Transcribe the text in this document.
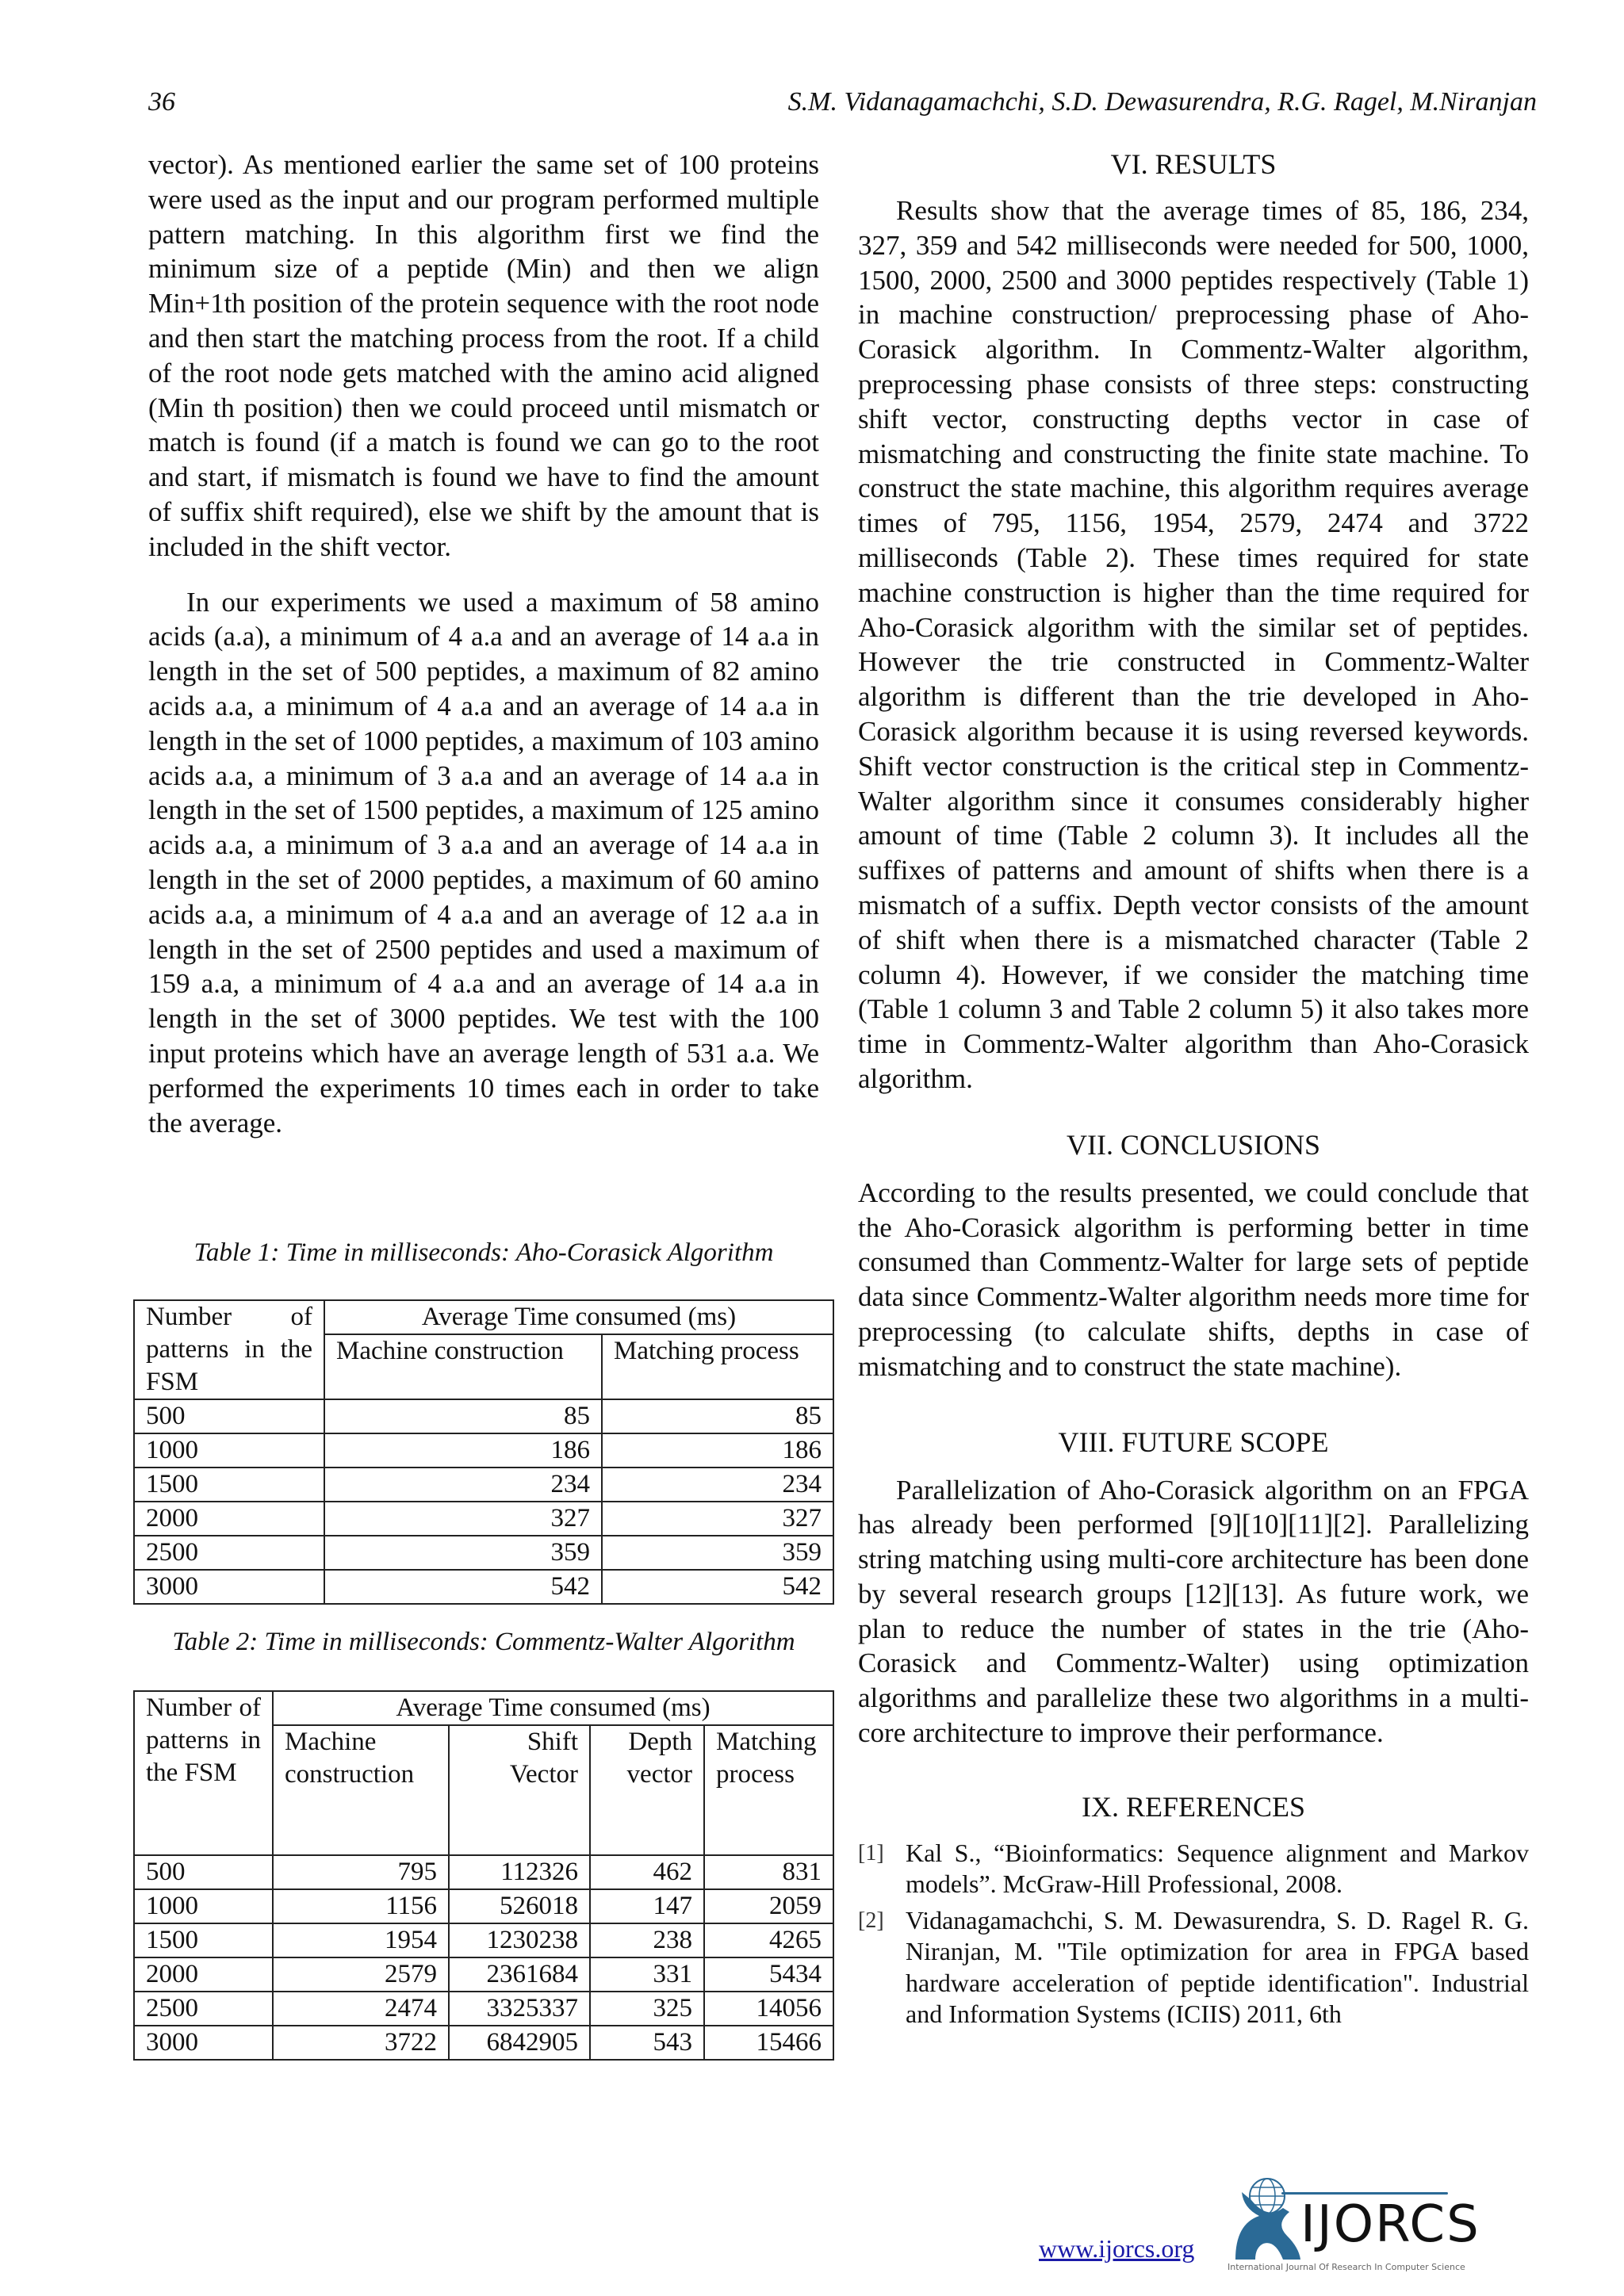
36	S.M. Vidanagamachchi, S.D. Dewasurendra, R.G. Ragel, M.Niranjan

vector). As mentioned earlier the same set of 100 proteins were used as the input and our program performed multiple pattern matching. In this algorithm first we find the minimum size of a peptide (Min) and then we align Min+1th position of the protein sequence with the root node and then start the matching process from the root. If a child of the root node gets matched with the amino acid aligned (Min th position) then we could proceed until mismatch or match is found (if a match is found we can go to the root and start, if mismatch is found we have to find the amount of suffix shift required), else we shift by the amount that is included in the shift vector.

In our experiments we used a maximum of 58 amino acids (a.a), a minimum of 4 a.a and an average of 14 a.a in length in the set of 500 peptides, a maximum of 82 amino acids a.a, a minimum of 4 a.a and an average of 14 a.a in length in the set of 1000 peptides, a maximum of 103 amino acids a.a, a minimum of 3 a.a and an average of 14 a.a in length in the set of 1500 peptides, a maximum of 125 amino acids a.a, a minimum of 3 a.a and an average of 14 a.a in length in the set of 2000 peptides, a maximum of 60 amino acids a.a, a minimum of 4 a.a and an average of 12 a.a in length in the set of 2500 peptides and used a maximum of 159 a.a, a minimum of 4 a.a and an average of 14 a.a in length in the set of 3000 peptides. We test with the 100 input proteins which have an average length of 531 a.a. We performed the experiments 10 times each in order to take the average.

Table 1: Time in milliseconds: Aho-Corasick Algorithm
Number of patterns in the FSM	Average Time consumed (ms)	
	Machine construction	Matching process
500	85	85
1000	186	186
1500	234	234
2000	327	327
2500	359	359
3000	542	542
Table 2: Time in milliseconds: Commentz-Walter Algorithm
Number of patterns in the FSM	Average Time consumed (ms)			
	Machine construction	Shift Vector	Depth vector	Matching process
500	795	112326	462	831
1000	1156	526018	147	2059
1500	1954	1230238	238	4265
2000	2579	2361684	331	5434
2500	2474	3325337	325	14056
3000	3722	6842905	543	15466
VI. RESULTS

Results show that the average times of 85, 186, 234, 327, 359 and 542 milliseconds were needed for 500, 1000, 1500, 2000, 2500 and 3000 peptides respectively (Table 1) in machine construction/ preprocessing phase of Aho-Corasick algorithm. In Commentz-Walter algorithm, preprocessing phase consists of three steps: constructing shift vector, constructing depths vector in case of mismatching and constructing the finite state machine. To construct the state machine, this algorithm requires average times of 795, 1156, 1954, 2579, 2474 and 3722 milliseconds (Table 2). These times required for state machine construction is higher than the time required for Aho-Corasick algorithm with the similar set of peptides. However the trie constructed in Commentz-Walter algorithm is different than the trie developed in Aho-Corasick algorithm because it is using reversed keywords. Shift vector construction is the critical step in Commentz-Walter algorithm since it consumes considerably higher amount of time (Table 2 column 3). It includes all the suffixes of patterns and amount of shifts when there is a mismatch of a suffix. Depth vector consists of the amount of shift when there is a mismatched character (Table 2 column 4). However, if we consider the matching time (Table 1 column 3 and Table 2 column 5) it also takes more time in Commentz-Walter algorithm than Aho-Corasick algorithm.

VII. CONCLUSIONS

According to the results presented, we could conclude that the Aho-Corasick algorithm is performing better in time consumed than Commentz-Walter for large sets of peptide data since Commentz-Walter algorithm needs more time for preprocessing (to calculate shifts, depths in case of mismatching and to construct the state machine).

VIII. FUTURE SCOPE

Parallelization of Aho-Corasick algorithm on an FPGA has already been performed [9][10][11][2]. Parallelizing string matching using multi-core architecture has been done by several research groups [12][13]. As future work, we plan to reduce the number of states in the trie (Aho-Corasick and Commentz-Walter) using optimization algorithms and parallelize these two algorithms in a multi-core architecture to improve their performance.

IX. REFERENCES
[1] Kal S., “Bioinformatics: Sequence alignment and Markov models”. McGraw-Hill Professional, 2008.
[2] Vidanagamachchi, S. M. Dewasurendra, S. D. Ragel R. G. Niranjan, M. "Tile optimization for area in FPGA based hardware acceleration of peptide identification". Industrial and Information Systems (ICIIS) 2011, 6th
www.ijorcs.org IJORCS
International Journal Of Research In Computer Science
